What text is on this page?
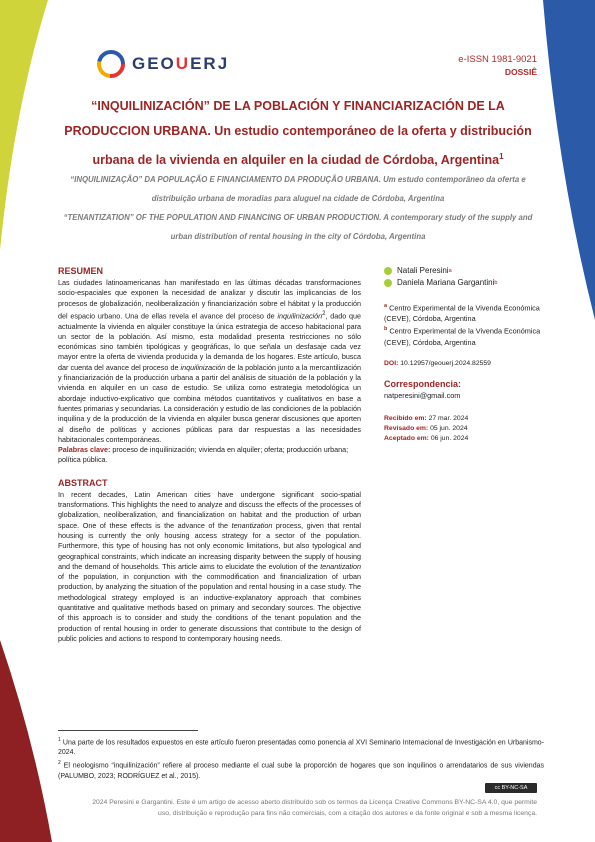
GEOUERJ	e-ISSN 1981-9021
DOSSIÊ
“INQUILINIZACIÓN” DE LA POBLACIÓN Y FINANCIARIZACIÓN DE LA PRODUCCION URBANA. Un estudio contemporáneo de la oferta y distribución urbana de la vivienda en alquiler en la ciudad de Córdoba, Argentina$^1$
“INQUILINIZAÇÃO” DA POPULAÇÃO E FINANCIAMENTO DA PRODUÇÃO URBANA. Um estudo contemporâneo da oferta e distribuição urbana de moradias para aluguel na cidade de Córdoba, Argentina
“TENANTIZATION” OF THE POPULATION AND FINANCING OF URBAN PRODUCTION. A contemporary study of the supply and urban distribution of rental housing in the city of Córdoba, Argentina
RESUMEN

Las ciudades latinoamericanas han manifestado en las últimas décadas transformaciones socio-espaciales que exponen la necesidad de analizar y discutir las implicancias de los procesos de globalización, neoliberalización y financiarización sobre el hábitat y la producción del espacio urbano. Una de ellas revela el avance del proceso de inquilinización$^2$, dado que actualmente la vivienda en alquiler constituye la única estrategia de acceso habitacional para un sector de la población. Así mismo, esta modalidad presenta restricciones no sólo económicas sino también tipológicas y geográficas, lo que señala un desfasaje cada vez mayor entre la oferta de vivienda producida y la demanda de los hogares. Este artículo, busca dar cuenta del avance del proceso de inquilinización de la población junto a la mercantilización y financiarización de la producción urbana a partir del análisis de situación de la población y la vivienda en alquiler en un caso de estudio. Se utiliza como estrategia metodológica un abordaje inductivo-explicativo que combina métodos cuantitativos y cualitativos en base a fuentes primarias y secundarias. La consideración y estudio de las condiciones de la población inquilina y de la producción de la vivienda en alquiler busca generar discusiones que aporten al diseño de políticas y acciones públicas para dar respuestas a las necesidades habitacionales contemporáneas.

Palabras clave: proceso de inquilinización; vivienda en alquiler; oferta; producción urbana; política pública.

ABSTRACT

In recent decades, Latin American cities have undergone significant socio-spatial transformations. This highlights the need to analyze and discuss the effects of the processes of globalization, neoliberalization, and financialization on habitat and the production of urban space. One of these effects is the advance of the tenantization process, given that rental housing is currently the only housing access strategy for a sector of the population. Furthermore, this type of housing has not only economic limitations, but also typological and geographical constraints, which indicate an increasing disparity between the supply of housing and the demand of households. This article aims to elucidate the evolution of the tenantization of the population, in conjunction with the commodification and financialization of urban production, by analyzing the situation of the population and rental housing in a case study. The methodological strategy employed is an inductive-explanatory approach that combines quantitative and qualitative methods based on primary and secondary sources. The objective of this approach is to consider and study the conditions of the tenant population and the production of rental housing in order to generate discussions that contribute to the design of public policies and actions to respond to contemporary housing needs.

Natali Peresini a
Daniela Mariana Gargantini b
$^a$ Centro Experimental de la Vivenda Económica (CEVE), Córdoba, Argentina
$^b$ Centro Experimental de la Vivenda Económica (CEVE), Córdoba, Argentina
DOI: 10.12957/geouerj.2024.82559
Correspondencia:
natperesini@gmail.com
Recibido em: 27 mar. 2024
Revisado em: 05 jun. 2024
Aceptado em: 06 jun. 2024
$^1$ Una parte de los resultados expuestos en este artículo fueron presentadas como ponencia al XVI Seminario Internacional de Investigación en Urbanismo-2024.
$^2$ El neologismo “inquilinización” refiere al proceso mediante el cual sube la proporción de hogares que son inquilinos o arrendatarios de sus viviendas (PALUMBO, 2023; RODRÍGUEZ et al., 2015).
cc BY-NC-SA
2024 Peresini e Gargantini. Este é um artigo de acesso aberto distribuído sob os termos da Licença Creative Commons BY-NC-SA 4.0, que permite uso, distribuição e reprodução para fins não comerciais, com a citação dos autores e da fonte original e sob a mesma licença.
